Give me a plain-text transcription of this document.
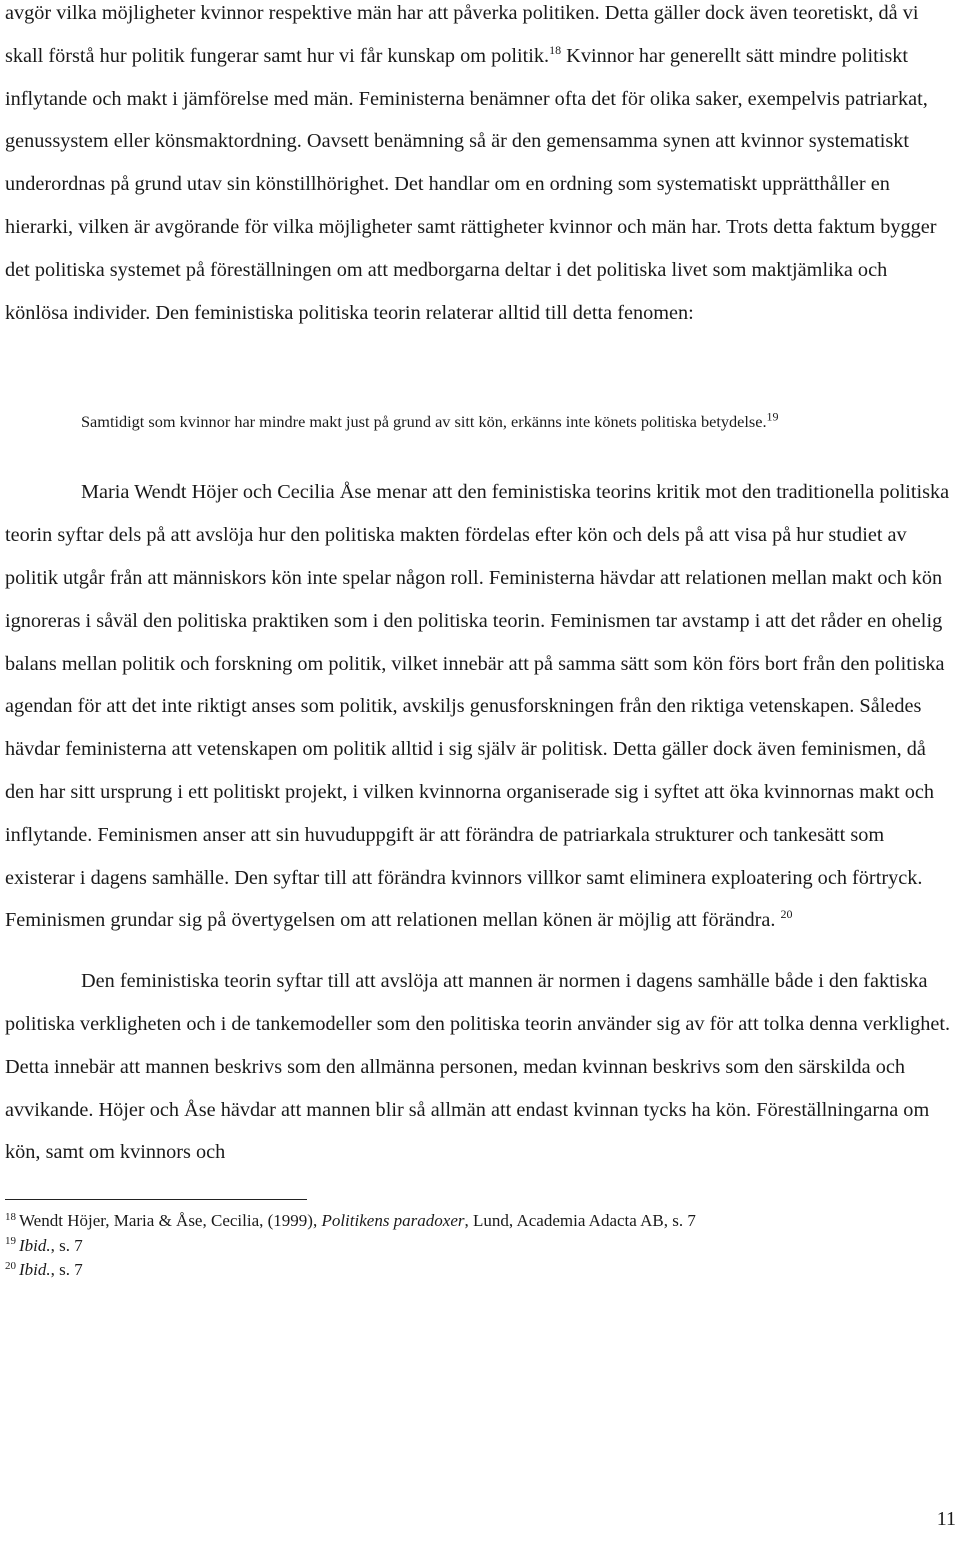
avgör vilka möjligheter kvinnor respektive män har att påverka politiken. Detta gäller dock även teoretiskt, då vi skall förstå hur politik fungerar samt hur vi får kunskap om politik.$^{18}$ Kvinnor har generellt sätt mindre politiskt inflytande och makt i jämförelse med män. Feministerna benämner ofta det för olika saker, exempelvis patriarkat, genussystem eller könsmaktordning. Oavsett benämning så är den gemensamma synen att kvinnor systematiskt underordnas på grund utav sin könstillhörighet. Det handlar om en ordning som systematiskt upprätthåller en hierarki, vilken är avgörande för vilka möjligheter samt rättigheter kvinnor och män har. Trots detta faktum bygger det politiska systemet på föreställningen om att medborgarna deltar i det politiska livet som maktjämlika och könlösa individer. Den feministiska politiska teorin relaterar alltid till detta fenomen:

Samtidigt som kvinnor har mindre makt just på grund av sitt kön, erkänns inte könets politiska betydelse.$^{19}$

Maria Wendt Höjer och Cecilia Åse menar att den feministiska teorins kritik mot den traditionella politiska teorin syftar dels på att avslöja hur den politiska makten fördelas efter kön och dels på att visa på hur studiet av politik utgår från att människors kön inte spelar någon roll. Feministerna hävdar att relationen mellan makt och kön ignoreras i såväl den politiska praktiken som i den politiska teorin. Feminismen tar avstamp i att det råder en ohelig balans mellan politik och forskning om politik, vilket innebär att på samma sätt som kön förs bort från den politiska agendan för att det inte riktigt anses som politik, avskiljs genusforskningen från den riktiga vetenskapen. Således hävdar feministerna att vetenskapen om politik alltid i sig själv är politisk. Detta gäller dock även feminismen, då den har sitt ursprung i ett politiskt projekt, i vilken kvinnorna organiserade sig i syftet att öka kvinnornas makt och inflytande. Feminismen anser att sin huvuduppgift är att förändra de patriarkala strukturer och tankesätt som existerar i dagens samhälle. Den syftar till att förändra kvinnors villkor samt eliminera exploatering och förtryck. Feminismen grundar sig på övertygelsen om att relationen mellan könen är möjlig att förändra. $^{20}$

Den feministiska teorin syftar till att avslöja att mannen är normen i dagens samhälle både i den faktiska politiska verkligheten och i de tankemodeller som den politiska teorin använder sig av för att tolka denna verklighet. Detta innebär att mannen beskrivs som den allmänna personen, medan kvinnan beskrivs som den särskilda och avvikande. Höjer och Åse hävdar att mannen blir så allmän att endast kvinnan tycks ha kön. Föreställningarna om kön, samt om kvinnors och

$^{18}$ Wendt Höjer, Maria & Åse, Cecilia, (1999), Politikens paradoxer, Lund, Academia Adacta AB, s. 7

$^{19}$ Ibid., s. 7

$^{20}$ Ibid., s. 7

11
